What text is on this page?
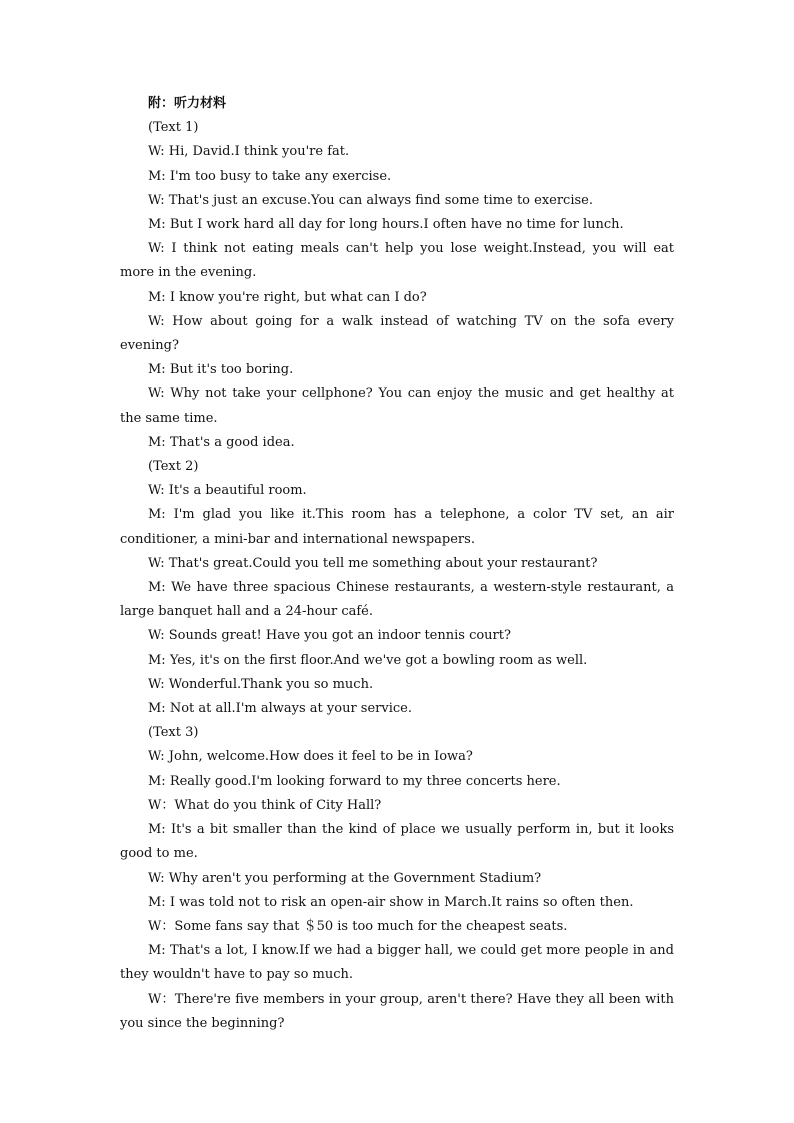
附：听力材料

(Text 1)

W: Hi, David.I think you're fat.

M: I'm too busy to take any exercise.

W: That's just an excuse.You can always find some time to exercise.

M: But I work hard all day for long hours.I often have no time for lunch.

W: I think not eating meals can't help you lose weight.Instead, you will eat more in the evening.

M: I know you're right, but what can I do?

W: How about going for a walk instead of watching TV on the sofa every evening?

M: But it's too boring.

W: Why not take your cellphone? You can enjoy the music and get healthy at the same time.

M: That's a good idea.

(Text 2)

W: It's a beautiful room.

M: I'm glad you like it.This room has a telephone, a color TV set, an air conditioner, a mini-bar and international newspapers.

W: That's great.Could you tell me something about your restaurant?

M: We have three spacious Chinese restaurants, a western-style restaurant, a large banquet hall and a 24-hour café.

W: Sounds great! Have you got an indoor tennis court?

M: Yes, it's on the first floor.And we've got a bowling room as well.

W: Wonderful.Thank you so much.

M: Not at all.I'm always at your service.

(Text 3)

W: John, welcome.How does it feel to be in Iowa?

M: Really good.I'm looking forward to my three concerts here.

W：What do you think of City Hall?

M: It's a bit smaller than the kind of place we usually perform in, but it looks good to me.

W: Why aren't you performing at the Government Stadium?

M: I was told not to risk an open-air show in March.It rains so often then.

W：Some fans say that ＄50 is too much for the cheapest seats.

M: That's a lot, I know.If we had a bigger hall, we could get more people in and they wouldn't have to pay so much.

W：There're five members in your group, aren't there? Have they all been with you since the beginning?
